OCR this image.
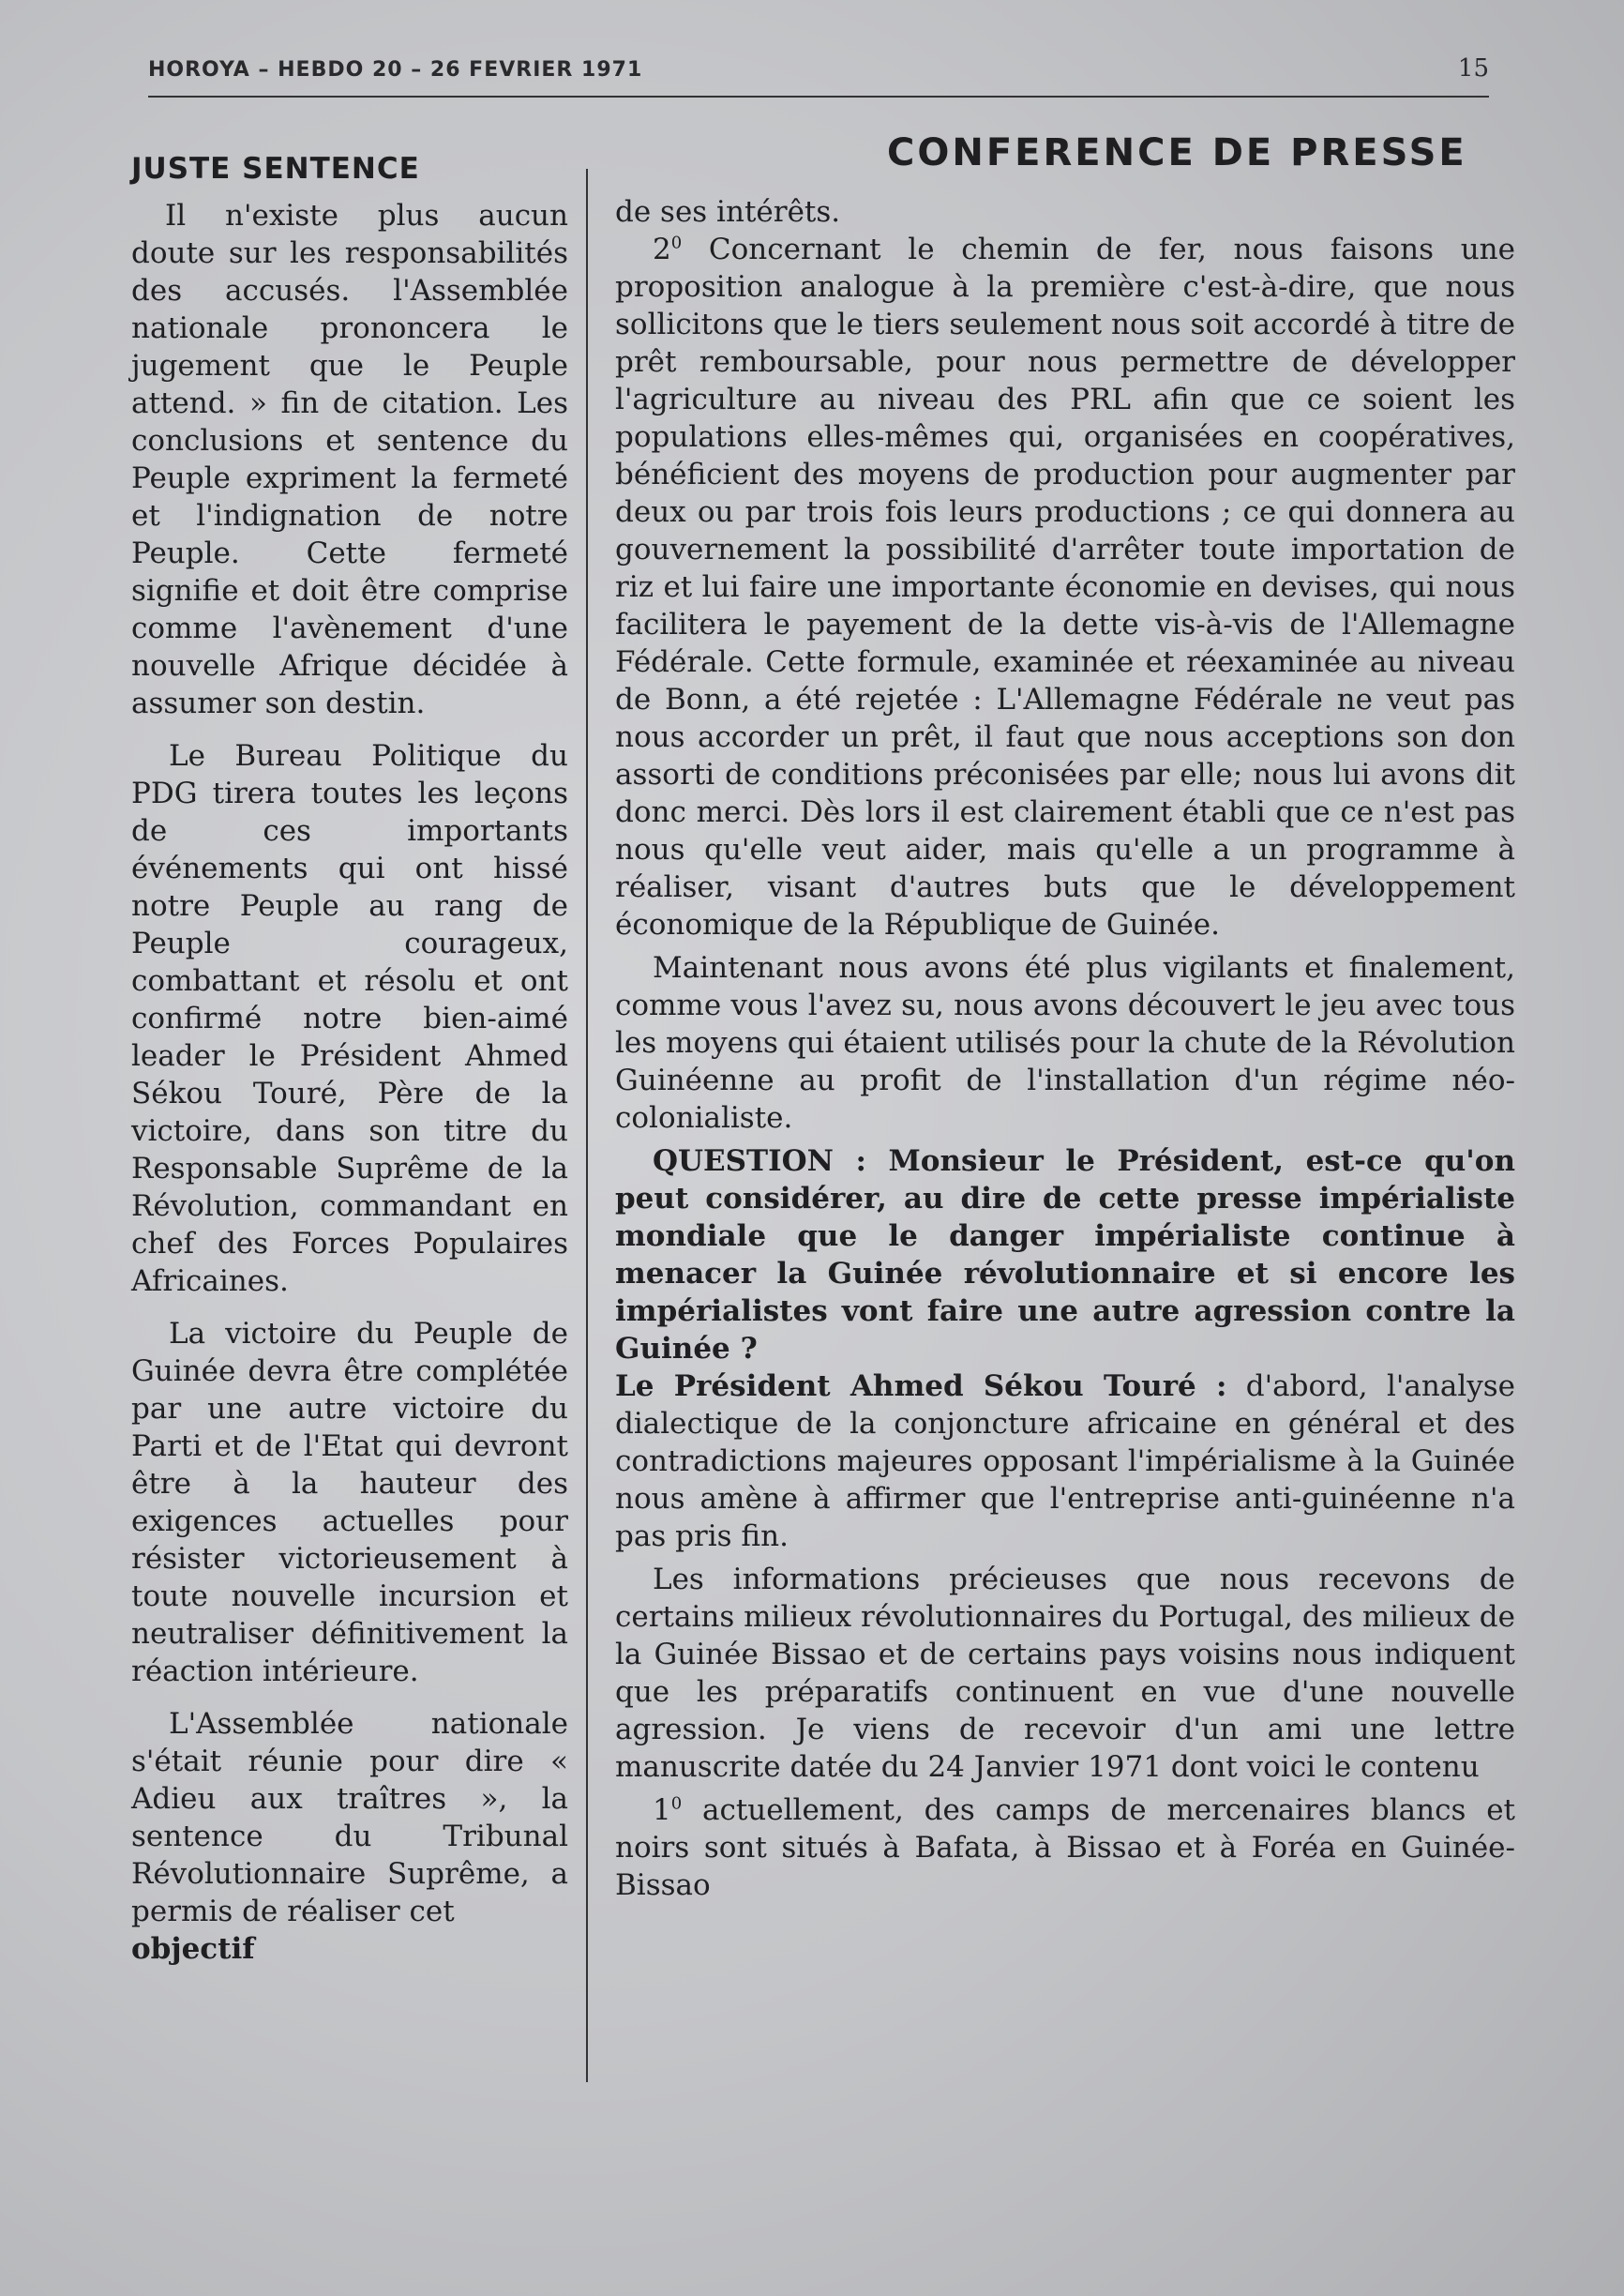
HOROYA – HEBDO 20 – 26 FEVRIER 1971	15
JUSTE SENTENCE

Il n'existe plus aucun doute sur les responsabilités des accusés. l'Assemblée nationale prononcera le jugement que le Peuple attend. » fin de citation. Les conclusions et sentence du Peuple expriment la fermeté et l'indignation de notre Peuple. Cette fermeté signifie et doit être comprise comme l'avènement d'une nouvelle Afrique décidée à assumer son destin.

Le Bureau Politique du PDG tirera toutes les leçons de ces importants événements qui ont hissé notre Peuple au rang de Peuple courageux, combattant et résolu et ont confirmé notre bien-aimé leader le Président Ahmed Sékou Touré, Père de la victoire, dans son titre du Responsable Suprême de la Révolution, commandant en chef des Forces Populaires Africaines.

La victoire du Peuple de Guinée devra être complétée par une autre victoire du Parti et de l'Etat qui devront être à la hauteur des exigences actuelles pour résister victorieusement à toute nouvelle incursion et neutraliser définitivement la réaction intérieure.

L'Assemblée nationale s'était réunie pour dire « Adieu aux traîtres », la sentence du Tribunal Révolutionnaire Suprême, a permis de réaliser cet
objectif

CONFERENCE DE PRESSE

de ses intérêts.

$2^0$ Concernant le chemin de fer, nous faisons une proposition analogue à la première c'est-à-dire, que nous sollicitons que le tiers seulement nous soit accordé à titre de prêt remboursable, pour nous permettre de développer l'agriculture au niveau des PRL afin que ce soient les populations elles-mêmes qui, organisées en coopératives, bénéficient des moyens de production pour augmenter par deux ou par trois fois leurs productions ; ce qui donnera au gouvernement la possibilité d'arrêter toute importation de riz et lui faire une importante économie en devises, qui nous facilitera le payement de la dette vis-à-vis de l'Allemagne Fédérale. Cette formule, examinée et réexaminée au niveau de Bonn, a été rejetée : L'Allemagne Fédérale ne veut pas nous accorder un prêt, il faut que nous acceptions son don assorti de conditions préconisées par elle; nous lui avons dit donc merci. Dès lors il est clairement établi que ce n'est pas nous qu'elle veut aider, mais qu'elle a un programme à réaliser, visant d'autres buts que le développement économique de la République de Guinée.

Maintenant nous avons été plus vigilants et finalement, comme vous l'avez su, nous avons découvert le jeu avec tous les moyens qui étaient utilisés pour la chute de la Révolution Guinéenne au profit de l'installation d'un régime néo-colonialiste.

QUESTION : Monsieur le Président, est-ce qu'on peut considérer, au dire de cette presse impérialiste mondiale que le danger impérialiste continue à menacer la Guinée révolutionnaire et si encore les impérialistes vont faire une autre agression contre la Guinée ?

Le Président Ahmed Sékou Touré : d'abord, l'analyse dialectique de la conjoncture africaine en général et des contradictions majeures opposant l'impérialisme à la Guinée nous amène à affirmer que l'entreprise anti-guinéenne n'a pas pris fin.

Les informations précieuses que nous recevons de certains milieux révolutionnaires du Portugal, des milieux de la Guinée Bissao et de certains pays voisins nous indiquent que les préparatifs continuent en vue d'une nouvelle agression. Je viens de recevoir d'un ami une lettre manuscrite datée du 24 Janvier 1971 dont voici le contenu

$1^0$ actuellement, des camps de mercenaires blancs et noirs sont situés à Bafata, à Bissao et à Foréa en Guinée-Bissao
